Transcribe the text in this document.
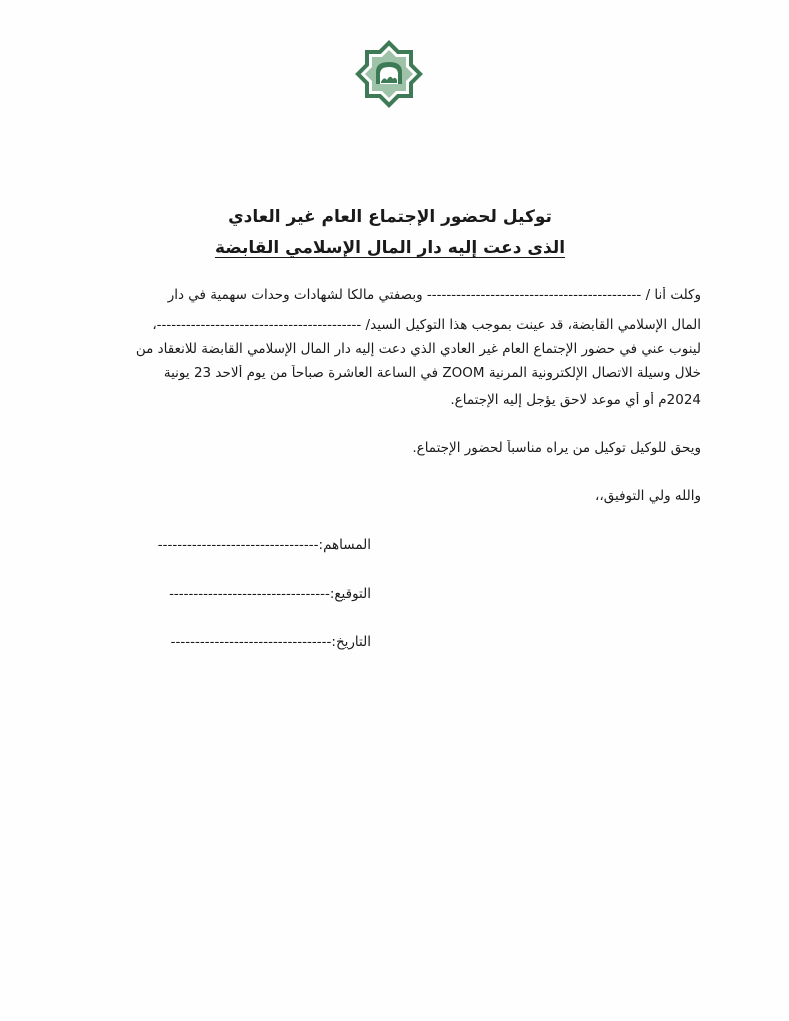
توكيل لحضور الإجتماع العام غير العادي
الذى دعت إليه دار المال الإسلامي القابضة

وكلت أنا / -------------------------------------------- وبصفتي مالكا لشهادات وحدات سهمية في دار

المال الإسلامي القابضة، قد عينت بموجب هذا التوكيل السيد/ ------------------------------------------،

لينوب عني في حضور الإجتماع العام غير العادي الذي دعت إليه دار المال الإسلامي القابضة للانعقاد من

خلال وسيلة الاتصال الإلكترونية المرنية ZOOM في الساعة العاشرة صباحاً من يوم ألاحد 23 يونية

2024م أو أي موعد لاحق يؤجل إليه الإجتماع.

ويحق للوكيل توكيل من يراه مناسباً لحضور الإجتماع.

والله ولي التوفيق،،

المساهم:---------------------------------

التوقيع:---------------------------------

التاريخ:---------------------------------
